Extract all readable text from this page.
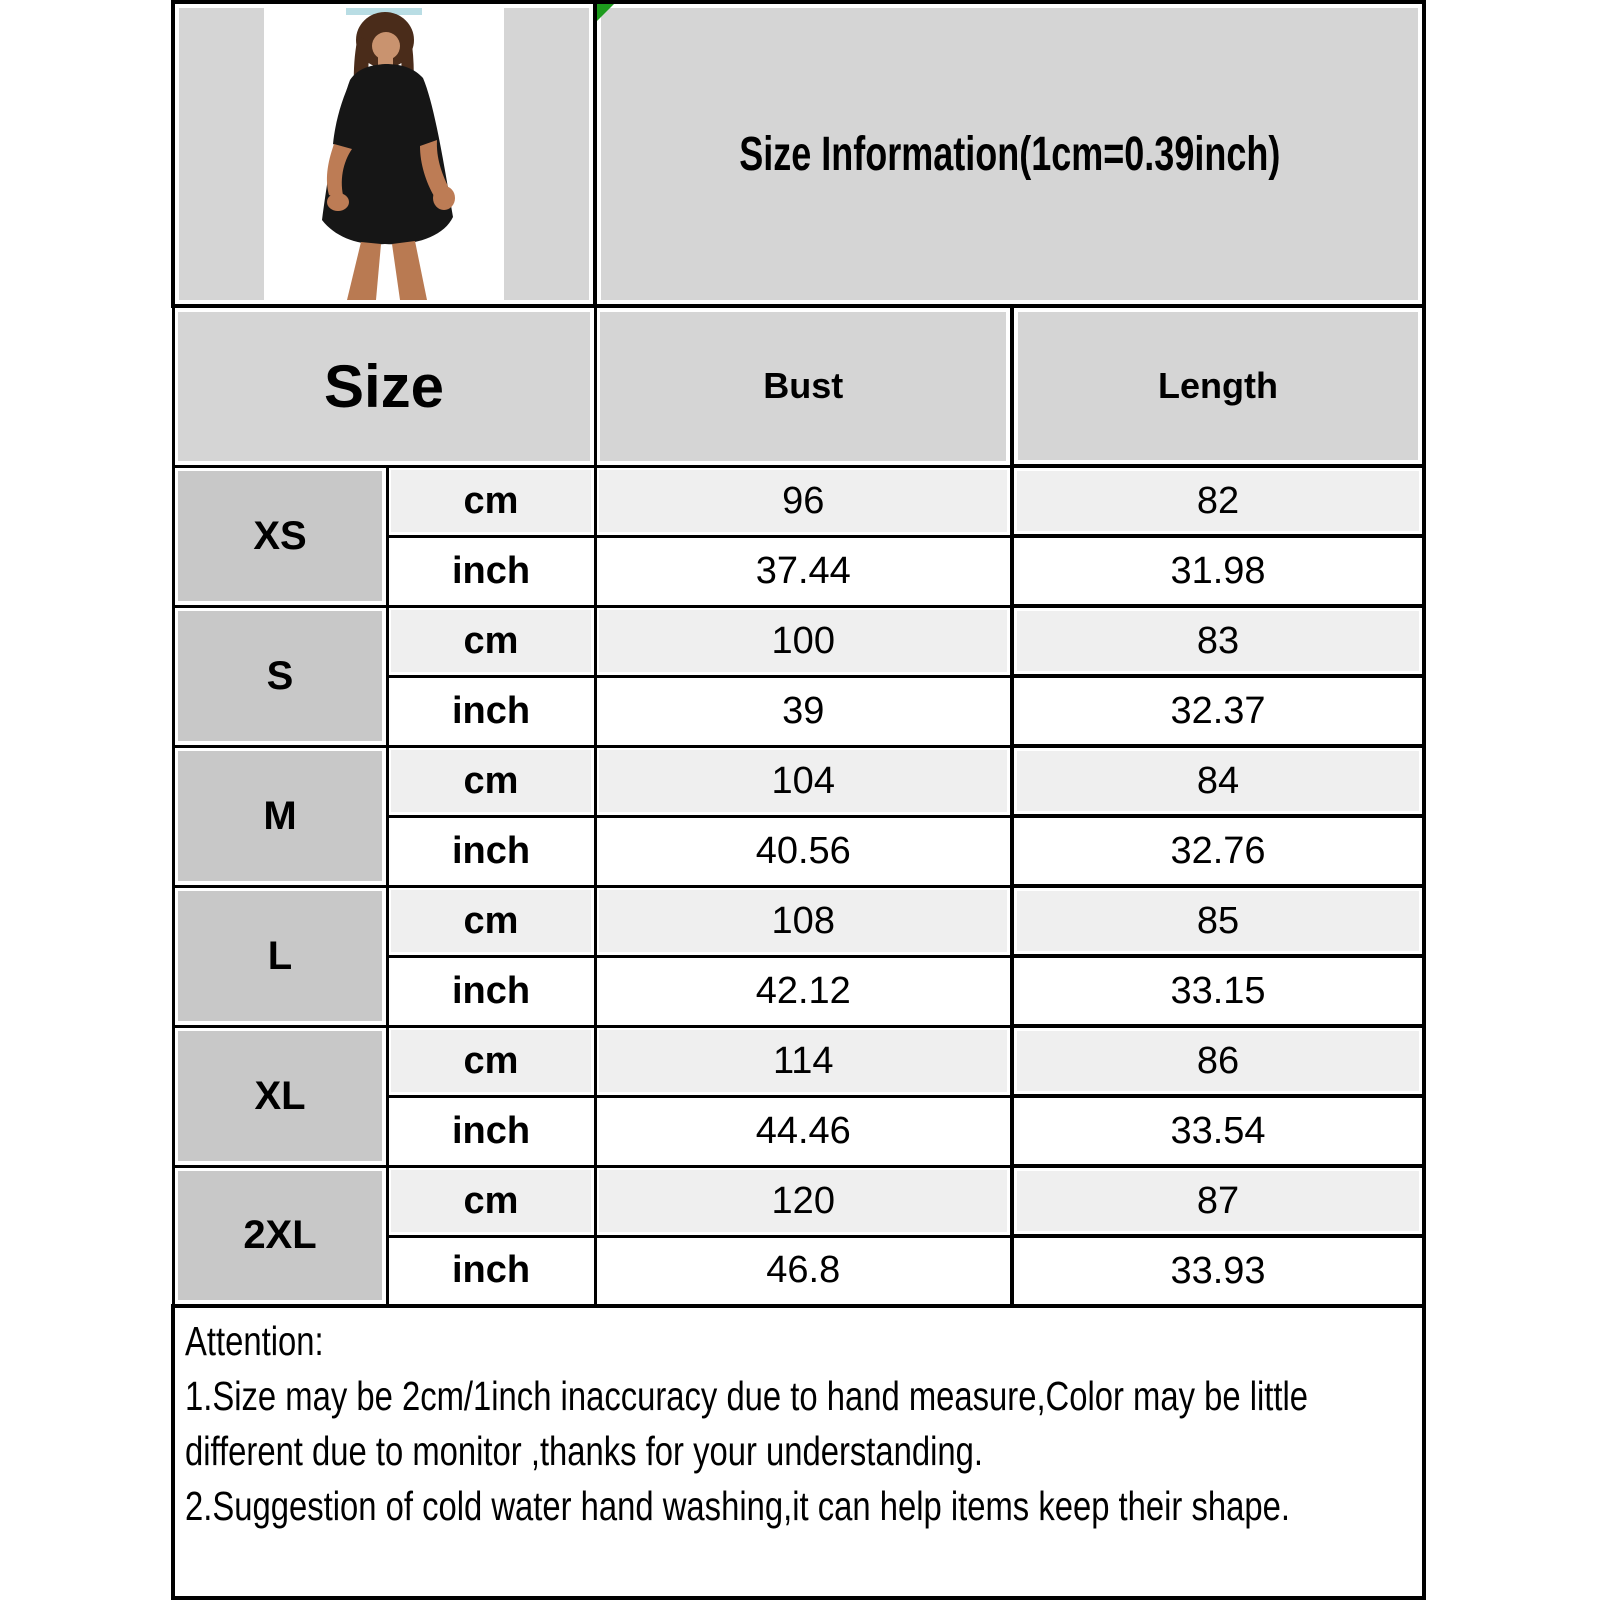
Size Information(1cm=0.39inch)	

Size		Bust	Length
XS	cm	96	82
	inch	37.44	31.98
S	cm	100	83
	inch	39	32.37
M	cm	104	84
	inch	40.56	32.76
L	cm	108	85
	inch	42.12	33.15
XL	cm	114	86
	inch	44.46	33.54
2XL	cm	120	87
	inch	46.8	33.93

Attention:
1.Size may be 2cm/1inch inaccuracy due to hand measure,Color may be little
different due to monitor ,thanks for your understanding.
2.Suggestion of cold water hand washing,it can help items keep their shape.			
